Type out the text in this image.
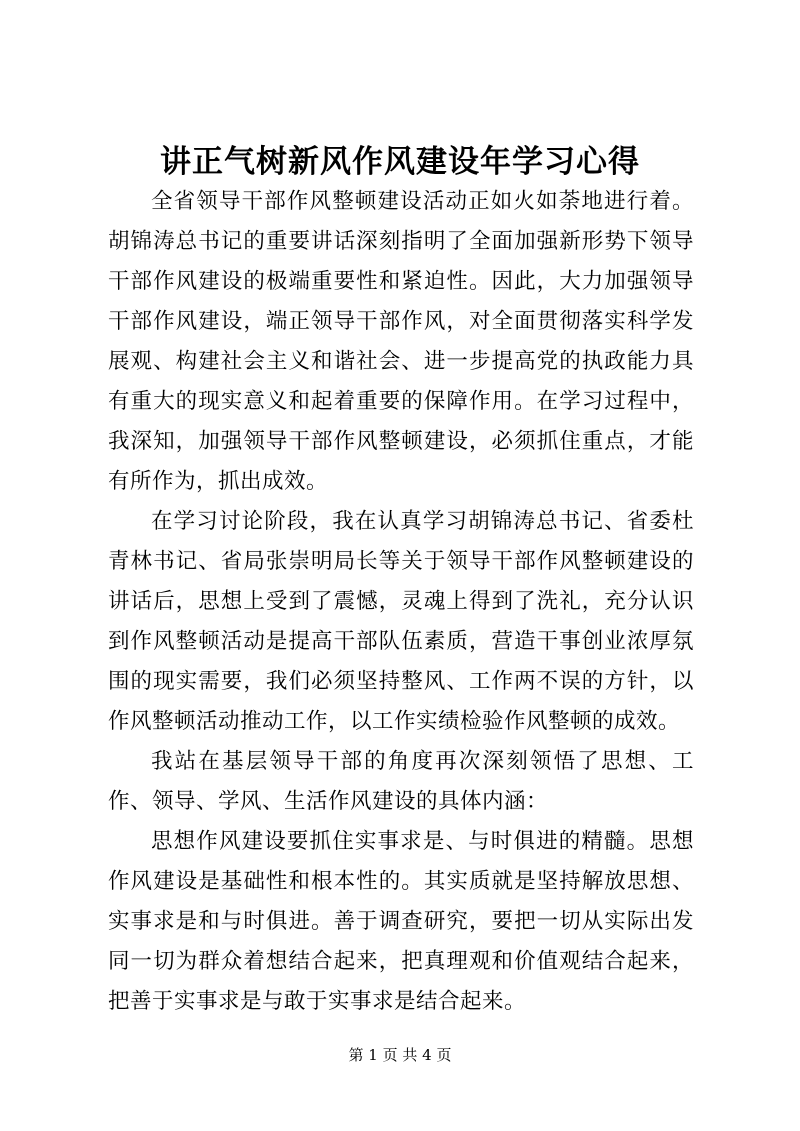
讲正气树新风作风建设年学习心得

全省领导干部作风整顿建设活动正如火如荼地进行着。胡锦涛总书记的重要讲话深刻指明了全面加强新形势下领导干部作风建设的极端重要性和紧迫性。因此，大力加强领导干部作风建设，端正领导干部作风，对全面贯彻落实科学发展观、构建社会主义和谐社会、进一步提高党的执政能力具有重大的现实意义和起着重要的保障作用。在学习过程中，我深知，加强领导干部作风整顿建设，必须抓住重点，才能有所作为，抓出成效。

在学习讨论阶段，我在认真学习胡锦涛总书记、省委杜青林书记、省局张崇明局长等关于领导干部作风整顿建设的讲话后，思想上受到了震憾，灵魂上得到了洗礼，充分认识到作风整顿活动是提高干部队伍素质，营造干事创业浓厚氛围的现实需要，我们必须坚持整风、工作两不误的方针，以作风整顿活动推动工作，以工作实绩检验作风整顿的成效。

我站在基层领导干部的角度再次深刻领悟了思想、工作、领导、学风、生活作风建设的具体内涵：

思想作风建设要抓住实事求是、与时俱进的精髓。思想作风建设是基础性和根本性的。其实质就是坚持解放思想、实事求是和与时俱进。善于调查研究，要把一切从实际出发同一切为群众着想结合起来，把真理观和价值观结合起来，把善于实事求是与敢于实事求是结合起来。

第 1 页 共 4 页
